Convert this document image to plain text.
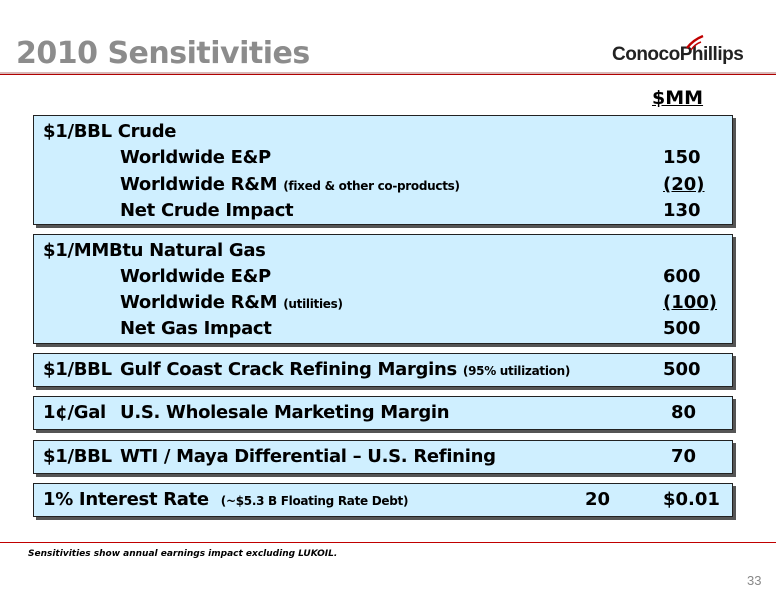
2010 Sensitivities	ConocoPhillips
$MM
$1/BBL Crude
Worldwide E&P	150
Worldwide R&M (fixed & other co-products)	(20)
Net Crude Impact	130
$1/MMBtu Natural Gas
Worldwide E&P	600
Worldwide R&M (utilities)	(100)
Net Gas Impact	500
$1/BBL Gulf Coast Crack Refining Margins (95% utilization)	500
1¢/Gal U.S. Wholesale Marketing Margin	80
$1/BBL WTI / Maya Differential – U.S. Refining	70
1% Interest Rate (~$5.3 B Floating Rate Debt)	20	$0.01
Sensitivities show annual earnings impact excluding LUKOIL.
33
